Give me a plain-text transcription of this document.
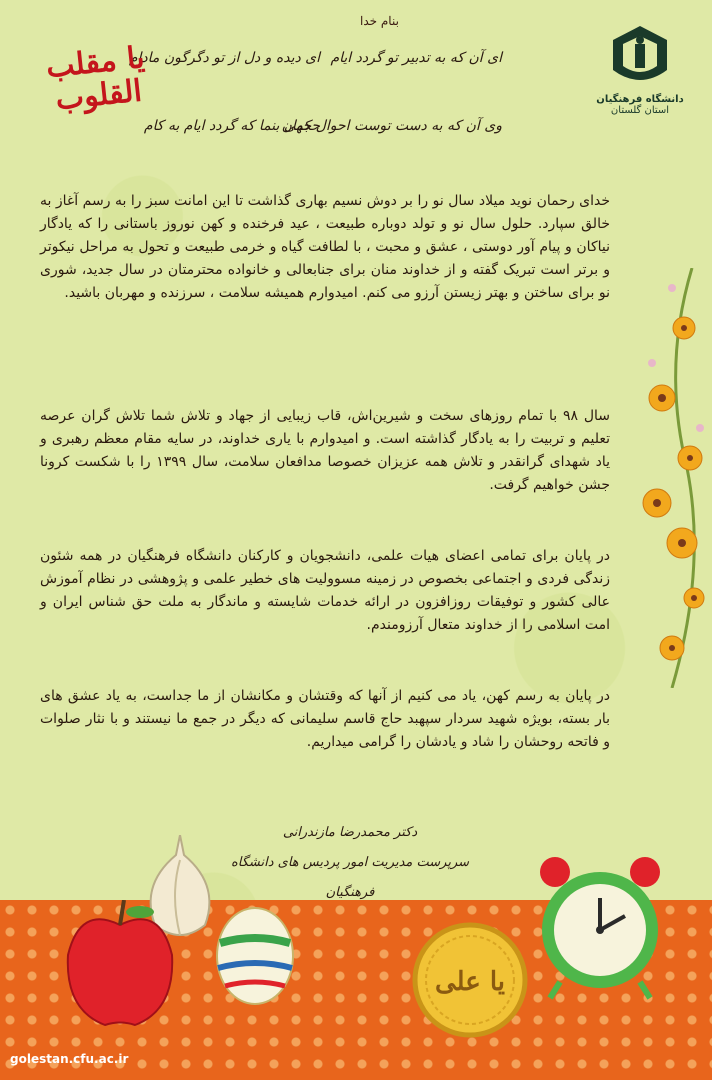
دانشگاه فرهنگیان
استان گلستان
بنام خدا
ای آن که به تدبیر تو گردد ایام
ای دیده و دل از تو دگرگون مادام
وی آن که به دست توست احوال جهان
حکمی بنما که گردد ایام به کام
یا مقلب القلوب
خدای رحمان نوید میلاد سال نو را بر دوش نسیم بهاری گذاشت تا این امانت سبز را به رسم آغاز به خالق سپارد. حلول سال نو و تولد دوباره طبیعت ، عید فرخنده و کهن نوروز باستانی را که یادگار نیاکان و پیام آور دوستی ، عشق و محبت ، با لطافت گیاه و خرمی طبیعت و تحول به مراحل نیکوتر و برتر است تبریک گفته و از خداوند منان برای جنابعالی و خانواده محترمتان در سال جدید، شوری نو برای ساختن و بهتر زیستن آرزو می کنم. امیدوارم همیشه سلامت ، سرزنده و مهربان باشید.
سال ۹۸ با تمام روزهای سخت و شیرین‌اش، قاب زیبایی از جهاد و تلاش شما تلاش گران عرصه تعلیم و تربیت را به یادگار گذاشته است. و امیدوارم با یاری خداوند، در سایه مقام معظم رهبری و یاد شهدای گرانقدر و تلاش همه عزیزان خصوصا مدافعان سلامت، سال ۱۳۹۹ را با شکست کرونا جشن خواهیم گرفت.
در پایان برای تمامی اعضای هیات علمی، دانشجویان و کارکنان دانشگاه فرهنگیان در همه شئون زندگی فردی و اجتماعی بخصوص در زمینه مسوولیت های خطیر علمی و پژوهشی در نظام آموزش عالی کشور و توفیقات روزافزون در ارائه خدمات شایسته و ماندگار به ملت حق شناس ایران و امت اسلامی را از خداوند متعال آرزومندم.
در پایان به رسم کهن، یاد می کنیم از آنها که وقتشان و مکانشان از ما جداست، به یاد عشق های بار بسته، بویژه شهید سردار سپهبد حاج قاسم سلیمانی که دیگر در جمع ما نیستند و با نثار صلوات و فاتحه روحشان را شاد و یادشان را گرامی میداریم.
دکتر محمدرضا مازندرانی
سرپرست مدیریت امور پردیس های دانشگاه فرهنگیان
یا علی
golestan.cfu.ac.ir
